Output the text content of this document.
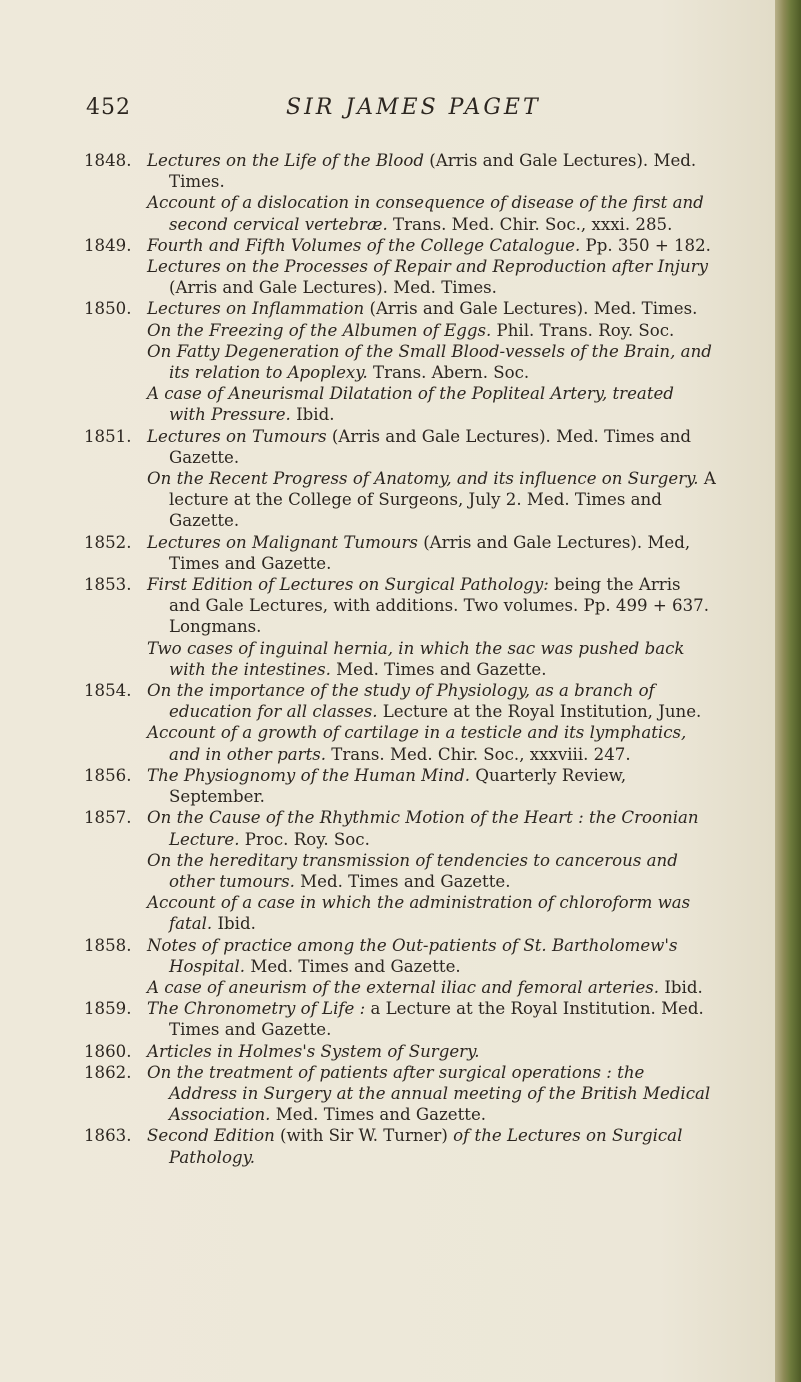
452	SIR JAMES PAGET
1848. Lectures on the Life of the Blood (Arris and Gale Lectures). Med. Times.
Account of a dislocation in consequence of disease of the first and second cervical vertebræ. Trans. Med. Chir. Soc., xxxi. 285.
1849. Fourth and Fifth Volumes of the College Catalogue. Pp. 350 + 182.
Lectures on the Processes of Repair and Reproduction after Injury (Arris and Gale Lectures). Med. Times.
1850. Lectures on Inflammation (Arris and Gale Lectures). Med. Times.
On the Freezing of the Albumen of Eggs. Phil. Trans. Roy. Soc.
On Fatty Degeneration of the Small Blood-vessels of the Brain, and its relation to Apoplexy. Trans. Abern. Soc.
A case of Aneurismal Dilatation of the Popliteal Artery, treated with Pressure. Ibid.
1851. Lectures on Tumours (Arris and Gale Lectures). Med. Times and Gazette.
On the Recent Progress of Anatomy, and its influence on Surgery. A lecture at the College of Surgeons, July 2. Med. Times and Gazette.
1852. Lectures on Malignant Tumours (Arris and Gale Lectures). Med, Times and Gazette.
1853. First Edition of Lectures on Surgical Pathology: being the Arris and Gale Lectures, with additions. Two volumes. Pp. 499 + 637. Longmans.
Two cases of inguinal hernia, in which the sac was pushed back with the intestines. Med. Times and Gazette.
1854. On the importance of the study of Physiology, as a branch of education for all classes. Lecture at the Royal Institution, June.
Account of a growth of cartilage in a testicle and its lymphatics, and in other parts. Trans. Med. Chir. Soc., xxxviii. 247.
1856. The Physiognomy of the Human Mind. Quarterly Review, September.
1857. On the Cause of the Rhythmic Motion of the Heart : the Croonian Lecture. Proc. Roy. Soc.
On the hereditary transmission of tendencies to cancerous and other tumours. Med. Times and Gazette.
Account of a case in which the administration of chloroform was fatal. Ibid.
1858. Notes of practice among the Out-patients of St. Bartholomew's Hospital. Med. Times and Gazette.
A case of aneurism of the external iliac and femoral arteries. Ibid.
1859. The Chronometry of Life : a Lecture at the Royal Institution. Med. Times and Gazette.
1860. Articles in Holmes's System of Surgery.
1862. On the treatment of patients after surgical operations : the Address in Surgery at the annual meeting of the British Medical Association. Med. Times and Gazette.
1863. Second Edition (with Sir W. Turner) of the Lectures on Surgical Pathology.
